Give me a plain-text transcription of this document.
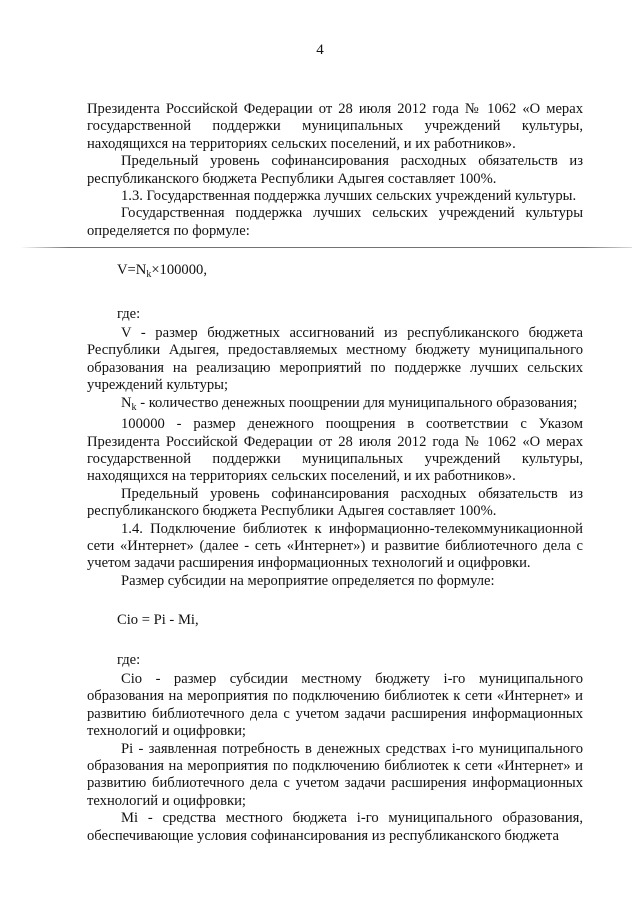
4

Президента Российской Федерации от 28 июля 2012 года № 1062 «О мерах государственной поддержки муниципальных учреждений культуры, находящихся на территориях сельских поселений, и их работников».

Предельный уровень софинансирования расходных обязательств из республиканского бюджета Республики Адыгея составляет 100%.

1.3. Государственная поддержка лучших сельских учреждений культуры.

Государственная поддержка лучших сельских учреждений культуры определяется по формуле:

$V=N_k\times 100000$,
где:

V - размер бюджетных ассигнований из республиканского бюджета Республики Адыгея, предоставляемых местному бюджету муниципального образования на реализацию мероприятий по поддержке лучших сельских учреждений культуры;

$N_k$ - количество денежных поощрении для муниципального образования;

100000 - размер денежного поощрения в соответствии с Указом Президента Российской Федерации от 28 июля 2012 года № 1062 «О мерах государственной поддержки муниципальных учреждений культуры, находящихся на территориях сельских поселений, и их работников».

Предельный уровень софинансирования расходных обязательств из республиканского бюджета Республики Адыгея составляет 100%.

1.4. Подключение библиотек к информационно-телекоммуникационной сети «Интернет» (далее - сеть «Интернет») и развитие библиотечного дела с учетом задачи расширения информационных технологий и оцифровки.

Размер субсидии на мероприятие определяется по формуле:

Ciо = Pi - Mi,
где:

Ciо - размер субсидии местному бюджету i-го муниципального образования на мероприятия по подключению библиотек к сети «Интернет» и развитию библиотечного дела с учетом задачи расширения информационных технологий и оцифровки;

Pi - заявленная потребность в денежных средствах i-го муниципального образования на мероприятия по подключению библиотек к сети «Интернет» и развитию библиотечного дела с учетом задачи расширения информационных технологий и оцифровки;

Mi - средства местного бюджета i-го муниципального образования, обеспечивающие условия софинансирования из республиканского бюджета
